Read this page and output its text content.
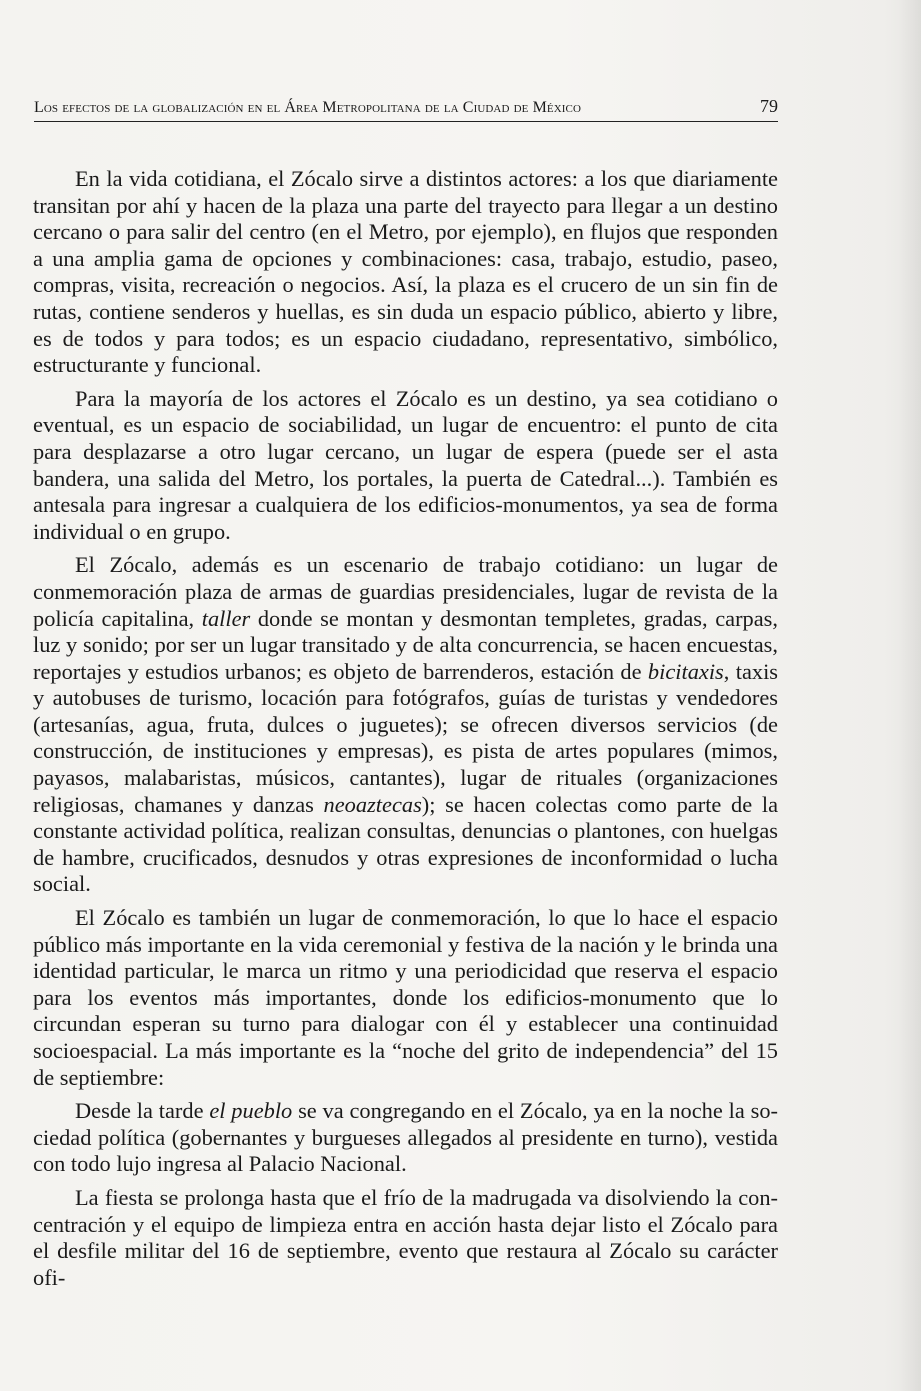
Los efectos de la globalización en el Área Metropolitana de la Ciudad de México	79

En la vida cotidiana, el Zócalo sirve a distintos actores: a los que diariamente transitan por ahí y hacen de la plaza una parte del trayecto para llegar a un destino cercano o para salir del centro (en el Metro, por ejemplo), en flujos que responden a una amplia gama de opciones y combinaciones: casa, trabajo, estudio, paseo, compras, visita, recreación o negocios. Así, la plaza es el crucero de un sin fin de rutas, contiene senderos y huellas, es sin duda un espacio público, abierto y libre, es de todos y para todos; es un espacio ciudadano, representativo, simbólico, estructurante y funcional.

Para la mayoría de los actores el Zócalo es un destino, ya sea cotidiano o eventual, es un espacio de sociabilidad, un lugar de encuentro: el punto de cita para desplazarse a otro lugar cercano, un lugar de espera (puede ser el asta bandera, una salida del Metro, los portales, la puerta de Catedral...). También es antesala para ingresar a cualquiera de los edificios-monumentos, ya sea de forma individual o en grupo.

El Zócalo, además es un escenario de trabajo cotidiano: un lugar de conmemoración plaza de armas de guardias presidenciales, lugar de revista de la policía capitalina, taller donde se montan y desmontan templetes, gradas, carpas, luz y sonido; por ser un lugar transitado y de alta concurrencia, se hacen encuestas, reportajes y estudios urbanos; es objeto de barrenderos, estación de bicitaxis, taxis y autobuses de turismo, locación para fotógrafos, guías de turistas y vendedores (artesanías, agua, fruta, dulces o juguetes); se ofrecen diversos servicios (de construcción, de instituciones y empresas), es pista de artes populares (mimos, payasos, malabaristas, músicos, cantantes), lugar de rituales (organizaciones religiosas, chamanes y danzas neoaztecas); se hacen colectas como parte de la constante actividad política, realizan consultas, denuncias o plantones, con huelgas de hambre, crucificados, desnudos y otras expresiones de inconformidad o lucha social.

El Zócalo es también un lugar de conmemoración, lo que lo hace el espacio público más importante en la vida ceremonial y festiva de la nación y le brinda una identidad particular, le marca un ritmo y una periodicidad que reserva el espacio para los eventos más importantes, donde los edificios-monumento que lo circundan esperan su turno para dialogar con él y establecer una continuidad socioespacial. La más importante es la “noche del grito de independencia” del 15 de septiembre:

Desde la tarde el pueblo se va congregando en el Zócalo, ya en la noche la sociedad política (gobernantes y burgueses allegados al presidente en turno), vestida con todo lujo ingresa al Palacio Nacional.

La fiesta se prolonga hasta que el frío de la madrugada va disolviendo la concentración y el equipo de limpieza entra en acción hasta dejar listo el Zócalo para el desfile militar del 16 de septiembre, evento que restaura al Zócalo su carácter ofi-
